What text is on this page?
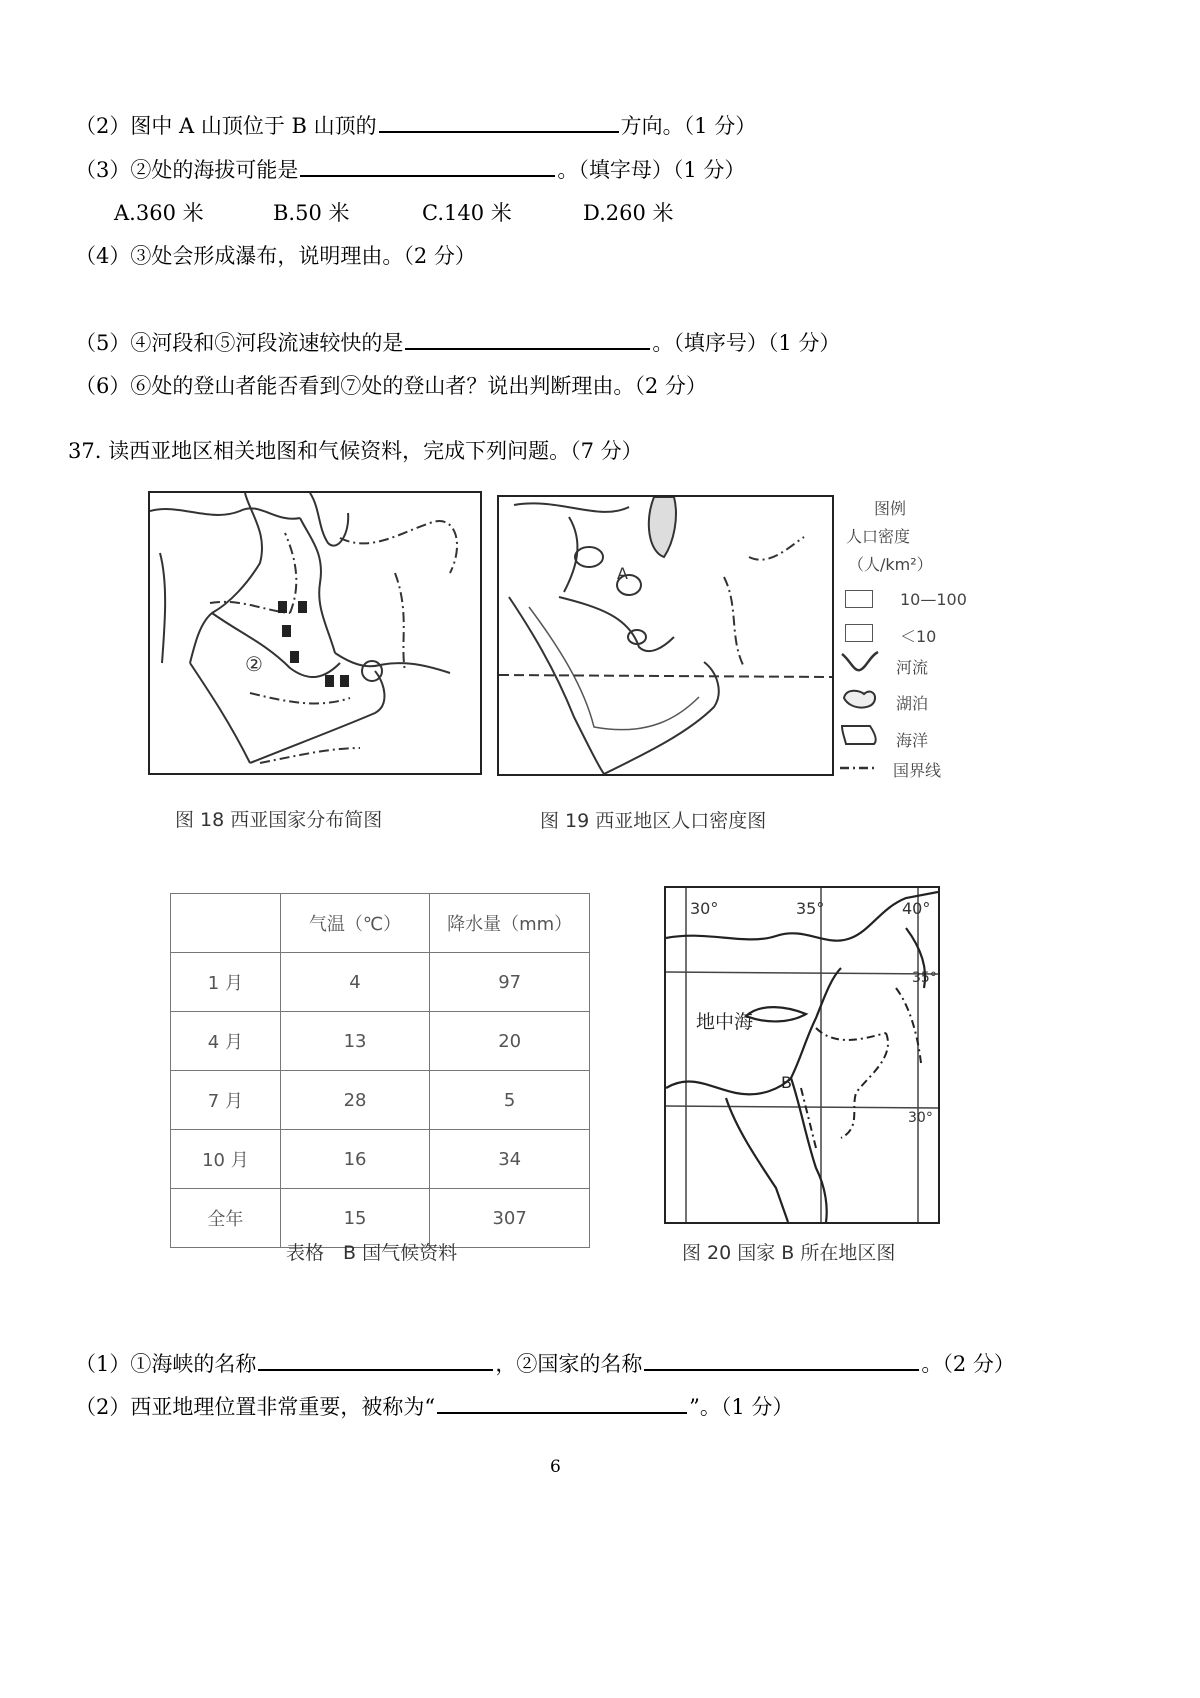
（2）图中 A 山顶位于 B 山顶的	方向。（1 分）
（3）②处的海拔可能是	。（填字母）（1 分）
A.360 米	B.50 米	C.140 米	D.260 米
（4）③处会形成瀑布，说明理由。（2 分）
（5）④河段和⑤河段流速较快的是	。（填序号）（1 分）
（6）⑥处的登山者能否看到⑦处的登山者？说出判断理由。（2 分）
37. 读西亚地区相关地图和气候资料，完成下列问题。（7 分）
②
图 18 西亚国家分布简图
A
图 19 西亚地区人口密度图
图例
人口密度
（人/km²）
10—100
＜10
河流
湖泊
海洋
国界线
	气温（℃）	降水量（mm）
1 月	4	97
4 月	13	20
7 月	28	5
10 月	16	34
全年	15	307
表格　B 国气候资料
30°	35°	40°
35°
30°
地中海
B
图 20 国家 B 所在地区图
（1）①海峡的名称	，②国家的名称	。（2 分）
（2）西亚地理位置非常重要，被称为“	”。（1 分）
6
